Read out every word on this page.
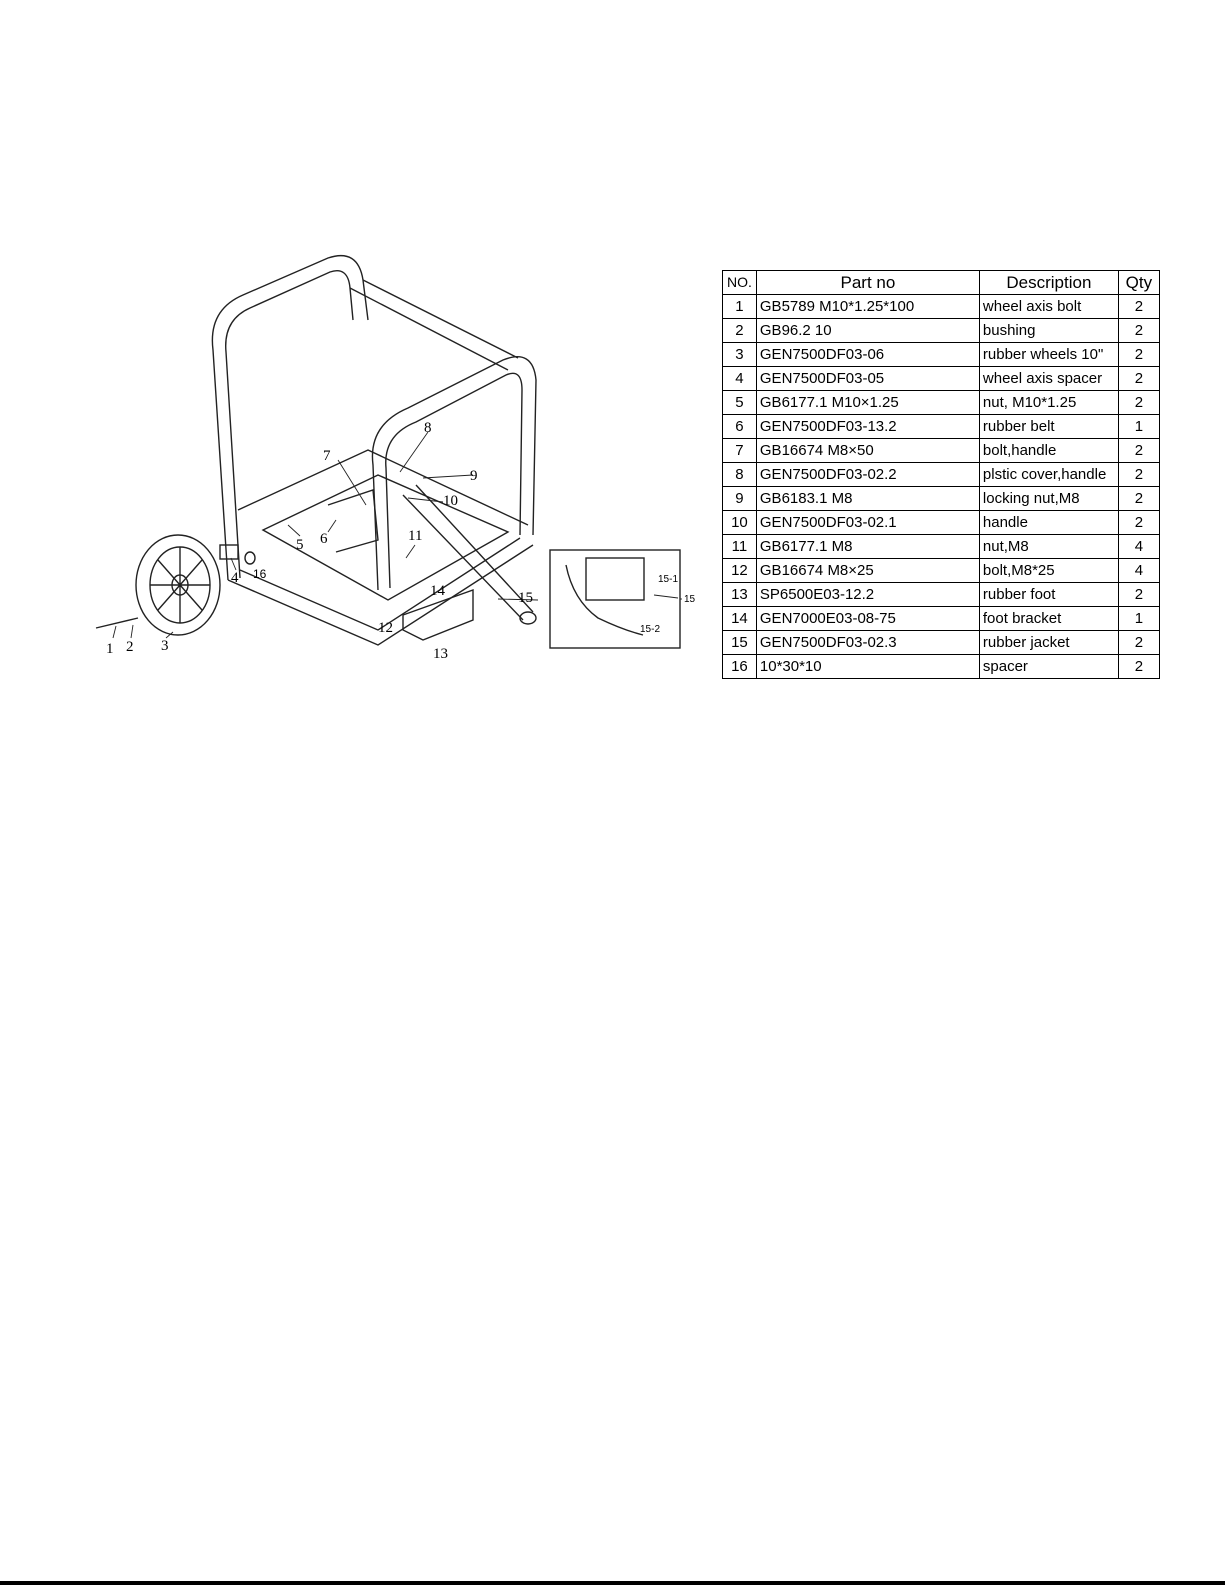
1 2 3
4
5 6
7
8
9
10
11
12
13
14	15
16	15-1
15-2
15
NO.	Part no	Description	Qty
1	GB5789 M10*1.25*100	wheel axis bolt	2
2	GB96.2 10	bushing	2
3	GEN7500DF03-06	rubber wheels 10"	2
4	GEN7500DF03-05	wheel axis spacer	2
5	GB6177.1 M10×1.25	nut, M10*1.25	2
6	GEN7500DF03-13.2	rubber belt	1
7	GB16674 M8×50	bolt,handle	2
8	GEN7500DF03-02.2	plstic cover,handle	2
9	GB6183.1 M8	locking nut,M8	2
10	GEN7500DF03-02.1	handle	2
11	GB6177.1 M8	nut,M8	4
12	GB16674 M8×25	bolt,M8*25	4
13	SP6500E03-12.2	rubber foot	2
14	GEN7000E03-08-75	foot bracket	1
15	GEN7500DF03-02.3	rubber jacket	2
16	10*30*10	spacer	2
